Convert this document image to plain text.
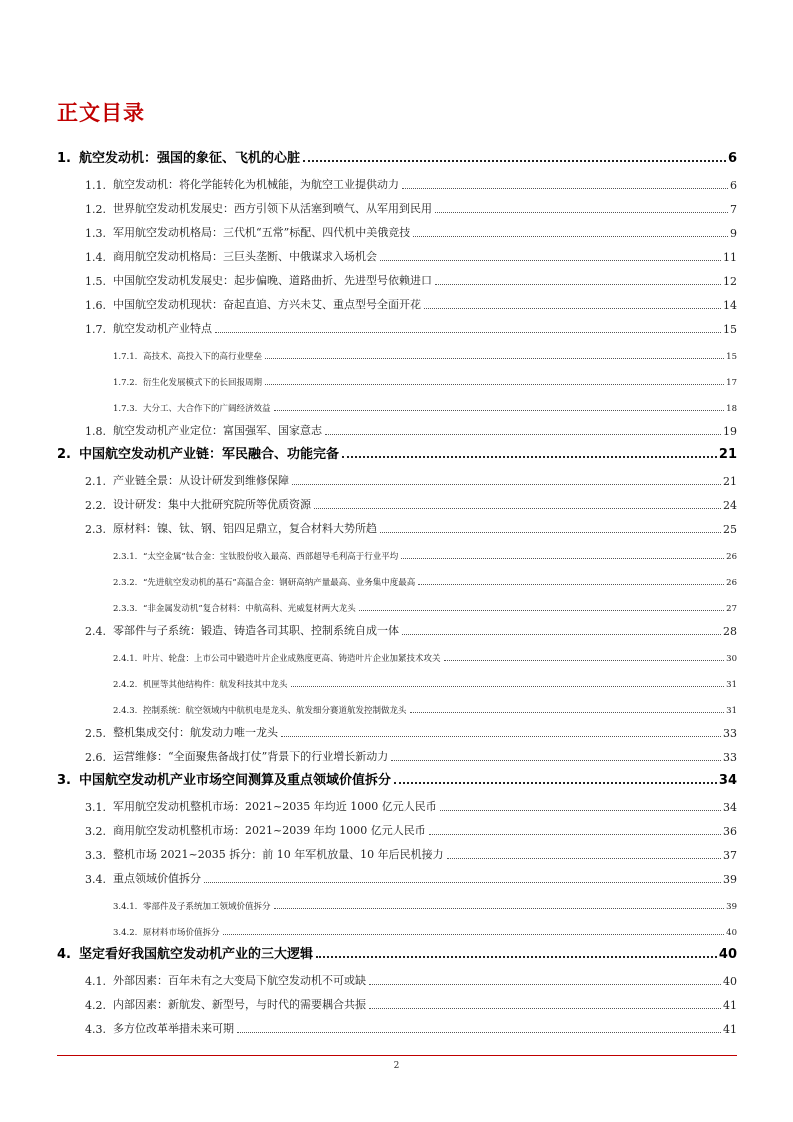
正文目录
1. 航空发动机：强国的象征、飞机的心脏	6
1.1. 航空发动机：将化学能转化为机械能，为航空工业提供动力	6
1.2. 世界航空发动机发展史：西方引领下从活塞到喷气、从军用到民用	7
1.3. 军用航空发动机格局：三代机“五常”标配、四代机中美俄竞技	9
1.4. 商用航空发动机格局：三巨头垄断、中俄谋求入场机会	11
1.5. 中国航空发动机发展史：起步偏晚、道路曲折、先进型号依赖进口	12
1.6. 中国航空发动机现状：奋起直追、方兴未艾、重点型号全面开花	14
1.7. 航空发动机产业特点	15
1.7.1. 高技术、高投入下的高行业壁垒	15
1.7.2. 衍生化发展模式下的长回报周期	17
1.7.3. 大分工、大合作下的广阔经济效益	18
1.8. 航空发动机产业定位：富国强军、国家意志	19
2. 中国航空发动机产业链：军民融合、功能完备	21
2.1. 产业链全景：从设计研发到维修保障	21
2.2. 设计研发：集中大批研究院所等优质资源	24
2.3. 原材料：镍、钛、钢、铝四足鼎立，复合材料大势所趋	25
2.3.1. “太空金属”钛合金：宝钛股份收入最高、西部超导毛利高于行业平均	26
2.3.2. “先进航空发动机的基石”高温合金：钢研高纳产量最高、业务集中度最高	26
2.3.3. “非金属发动机”复合材料：中航高科、光威复材两大龙头	27
2.4. 零部件与子系统：锻造、铸造各司其职、控制系统自成一体	28
2.4.1. 叶片、轮盘：上市公司中锻造叶片企业成熟度更高、铸造叶片企业加紧技术攻关	30
2.4.2. 机匣等其他结构件：航发科技其中龙头	31
2.4.3. 控制系统：航空领域内中航机电是龙头、航发细分赛道航发控制做龙头	31
2.5. 整机集成交付：航发动力唯一龙头	33
2.6. 运营维修：“全面聚焦备战打仗”背景下的行业增长新动力	33
3. 中国航空发动机产业市场空间测算及重点领域价值拆分	34
3.1. 军用航空发动机整机市场：2021~2035 年均近 1000 亿元人民币	34
3.2. 商用航空发动机整机市场：2021~2039 年均 1000 亿元人民币	36
3.3. 整机市场 2021~2035 拆分：前 10 年军机放量、10 年后民机接力	37
3.4. 重点领域价值拆分	39
3.4.1. 零部件及子系统加工领域价值拆分	39
3.4.2. 原材料市场价值拆分	40
4. 坚定看好我国航空发动机产业的三大逻辑	40
4.1. 外部因素：百年未有之大变局下航空发动机不可或缺	40
4.2. 内部因素：新航发、新型号，与时代的需要耦合共振	41
4.3. 多方位改革举措未来可期	41
2
